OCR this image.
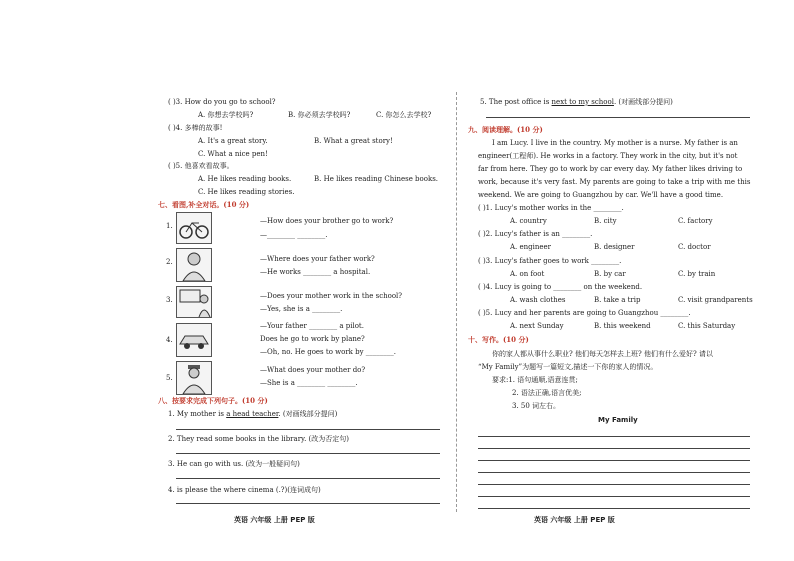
( )3. How do you go to school?
A. 你想去学校吗?	B. 你必须去学校吗?	C. 你怎么去学校?
( )4. 多棒的故事!
A. It's a great story.	B. What a great story!
C. What a nice pen!
( )5. 他喜欢看故事。
A. He likes reading books.	B. He likes reading Chinese books.
C. He likes reading stories.
七、看图,补全对话。(10 分)
1.
—How does your brother go to work?
—________ ________.
2.	—Where does your father work?
—He works ________ a hospital.
3.	—Does your mother work in the school?
—Yes, she is a ________.
4.
—Your father ________ a pilot.
Does he go to work by plane?
—Oh, no. He goes to work by ________.
5.
—What does your mother do?
—She is a ________ ________.
八、按要求完成下列句子。(10 分)
1. My mother is a head teacher. (对画线部分提问)
2. They read some books in the library. (改为否定句)
3. He can go with us. (改为一般疑问句)
4. is please the where cinema (.?)(连词成句)
英语 六年级 上册 PEP 版
5. The post office is next to my school. (对画线部分提问)
九、阅读理解。(10 分)
I am Lucy. I live in the country. My mother is a nurse. My father is an
engineer(工程师). He works in a factory. They work in the city, but it's not
far from here. They go to work by car every day. My father likes driving to
work, because it's very fast. My parents are going to take a trip with me this
weekend. We are going to Guangzhou by car. We'll have a good time.
( )1. Lucy's mother works in the ________.
A. country	B. city	C. factory
( )2. Lucy's father is an ________.
A. engineer	B. designer	C. doctor
( )3. Lucy's father goes to work ________.
A. on foot	B. by car	C. by train
( )4. Lucy is going to ________ on the weekend.
A. wash clothes	B. take a trip	C. visit grandparents
( )5. Lucy and her parents are going to Guangzhou ________.
A. next Sunday	B. this weekend	C. this Saturday
十、写作。(10 分)
你的家人都从事什么职业? 他们每天怎样去上班? 他们有什么爱好? 请以
“My Family”为题写一篇短文,描述一下你的家人的情况。
要求:1. 语句通顺,语意连贯;
2. 语法正确,语言优美;
3. 50 词左右。
My Family
英语 六年级 上册 PEP 版
